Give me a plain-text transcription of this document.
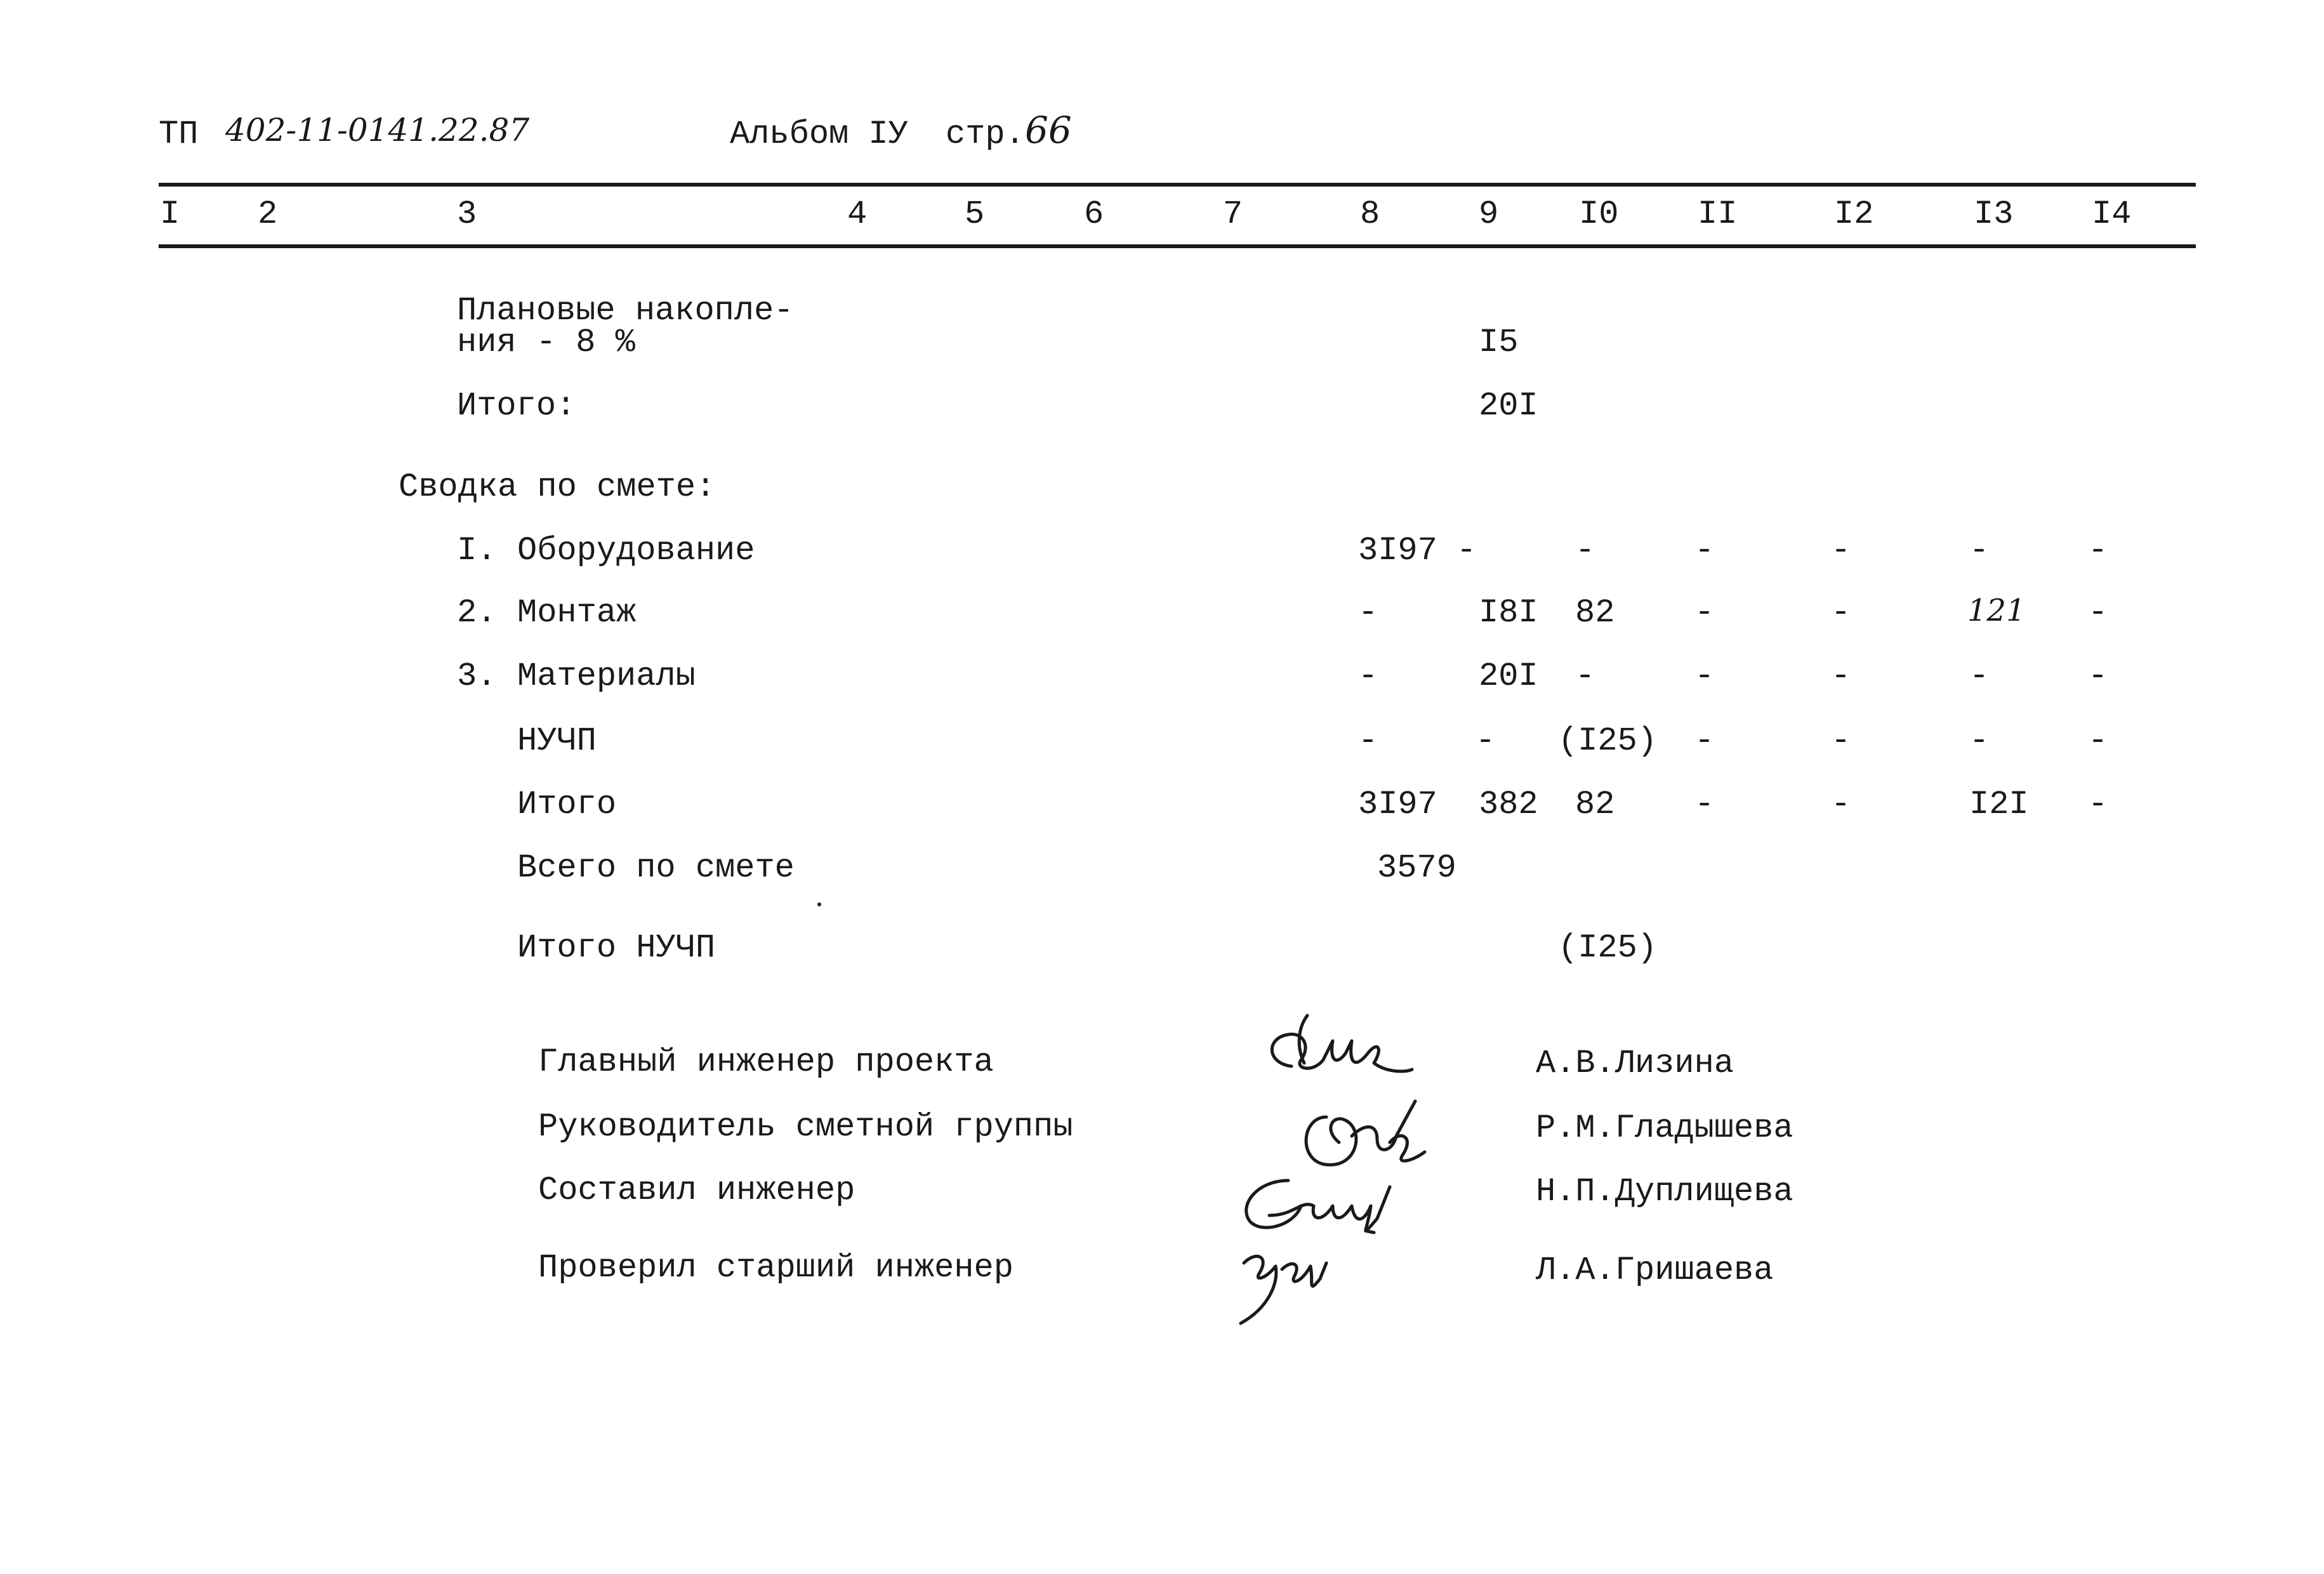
ТП 402-11-0141.22.87	Альбом IУ стр. 66
I 2	3	4	5	6	7	8	9 I0 II	I2	I3 I4
Плановые накопле-
ния - 8 %	I5
Итого:	20I
Сводка по смете:
I. Оборудование	3I97 -	-	-	-	-	-
2. Монтаж	-	I8I 82 -	-	121 -
3. Материалы	-	20I -	-	-	-	-
НУЧП	-	- (I25) -	-	-	-
Итого	3I97 382 82 -	-	I2I -
Всего по смете	3579
Итого НУЧП	(I25)
Главный инженер проекта	А.В.Лизина
Руководитель сметной группы	Р.М.Гладышева
Составил инженер	Н.П.Дуплищева
Проверил старший инженер	Л.А.Гришаева
